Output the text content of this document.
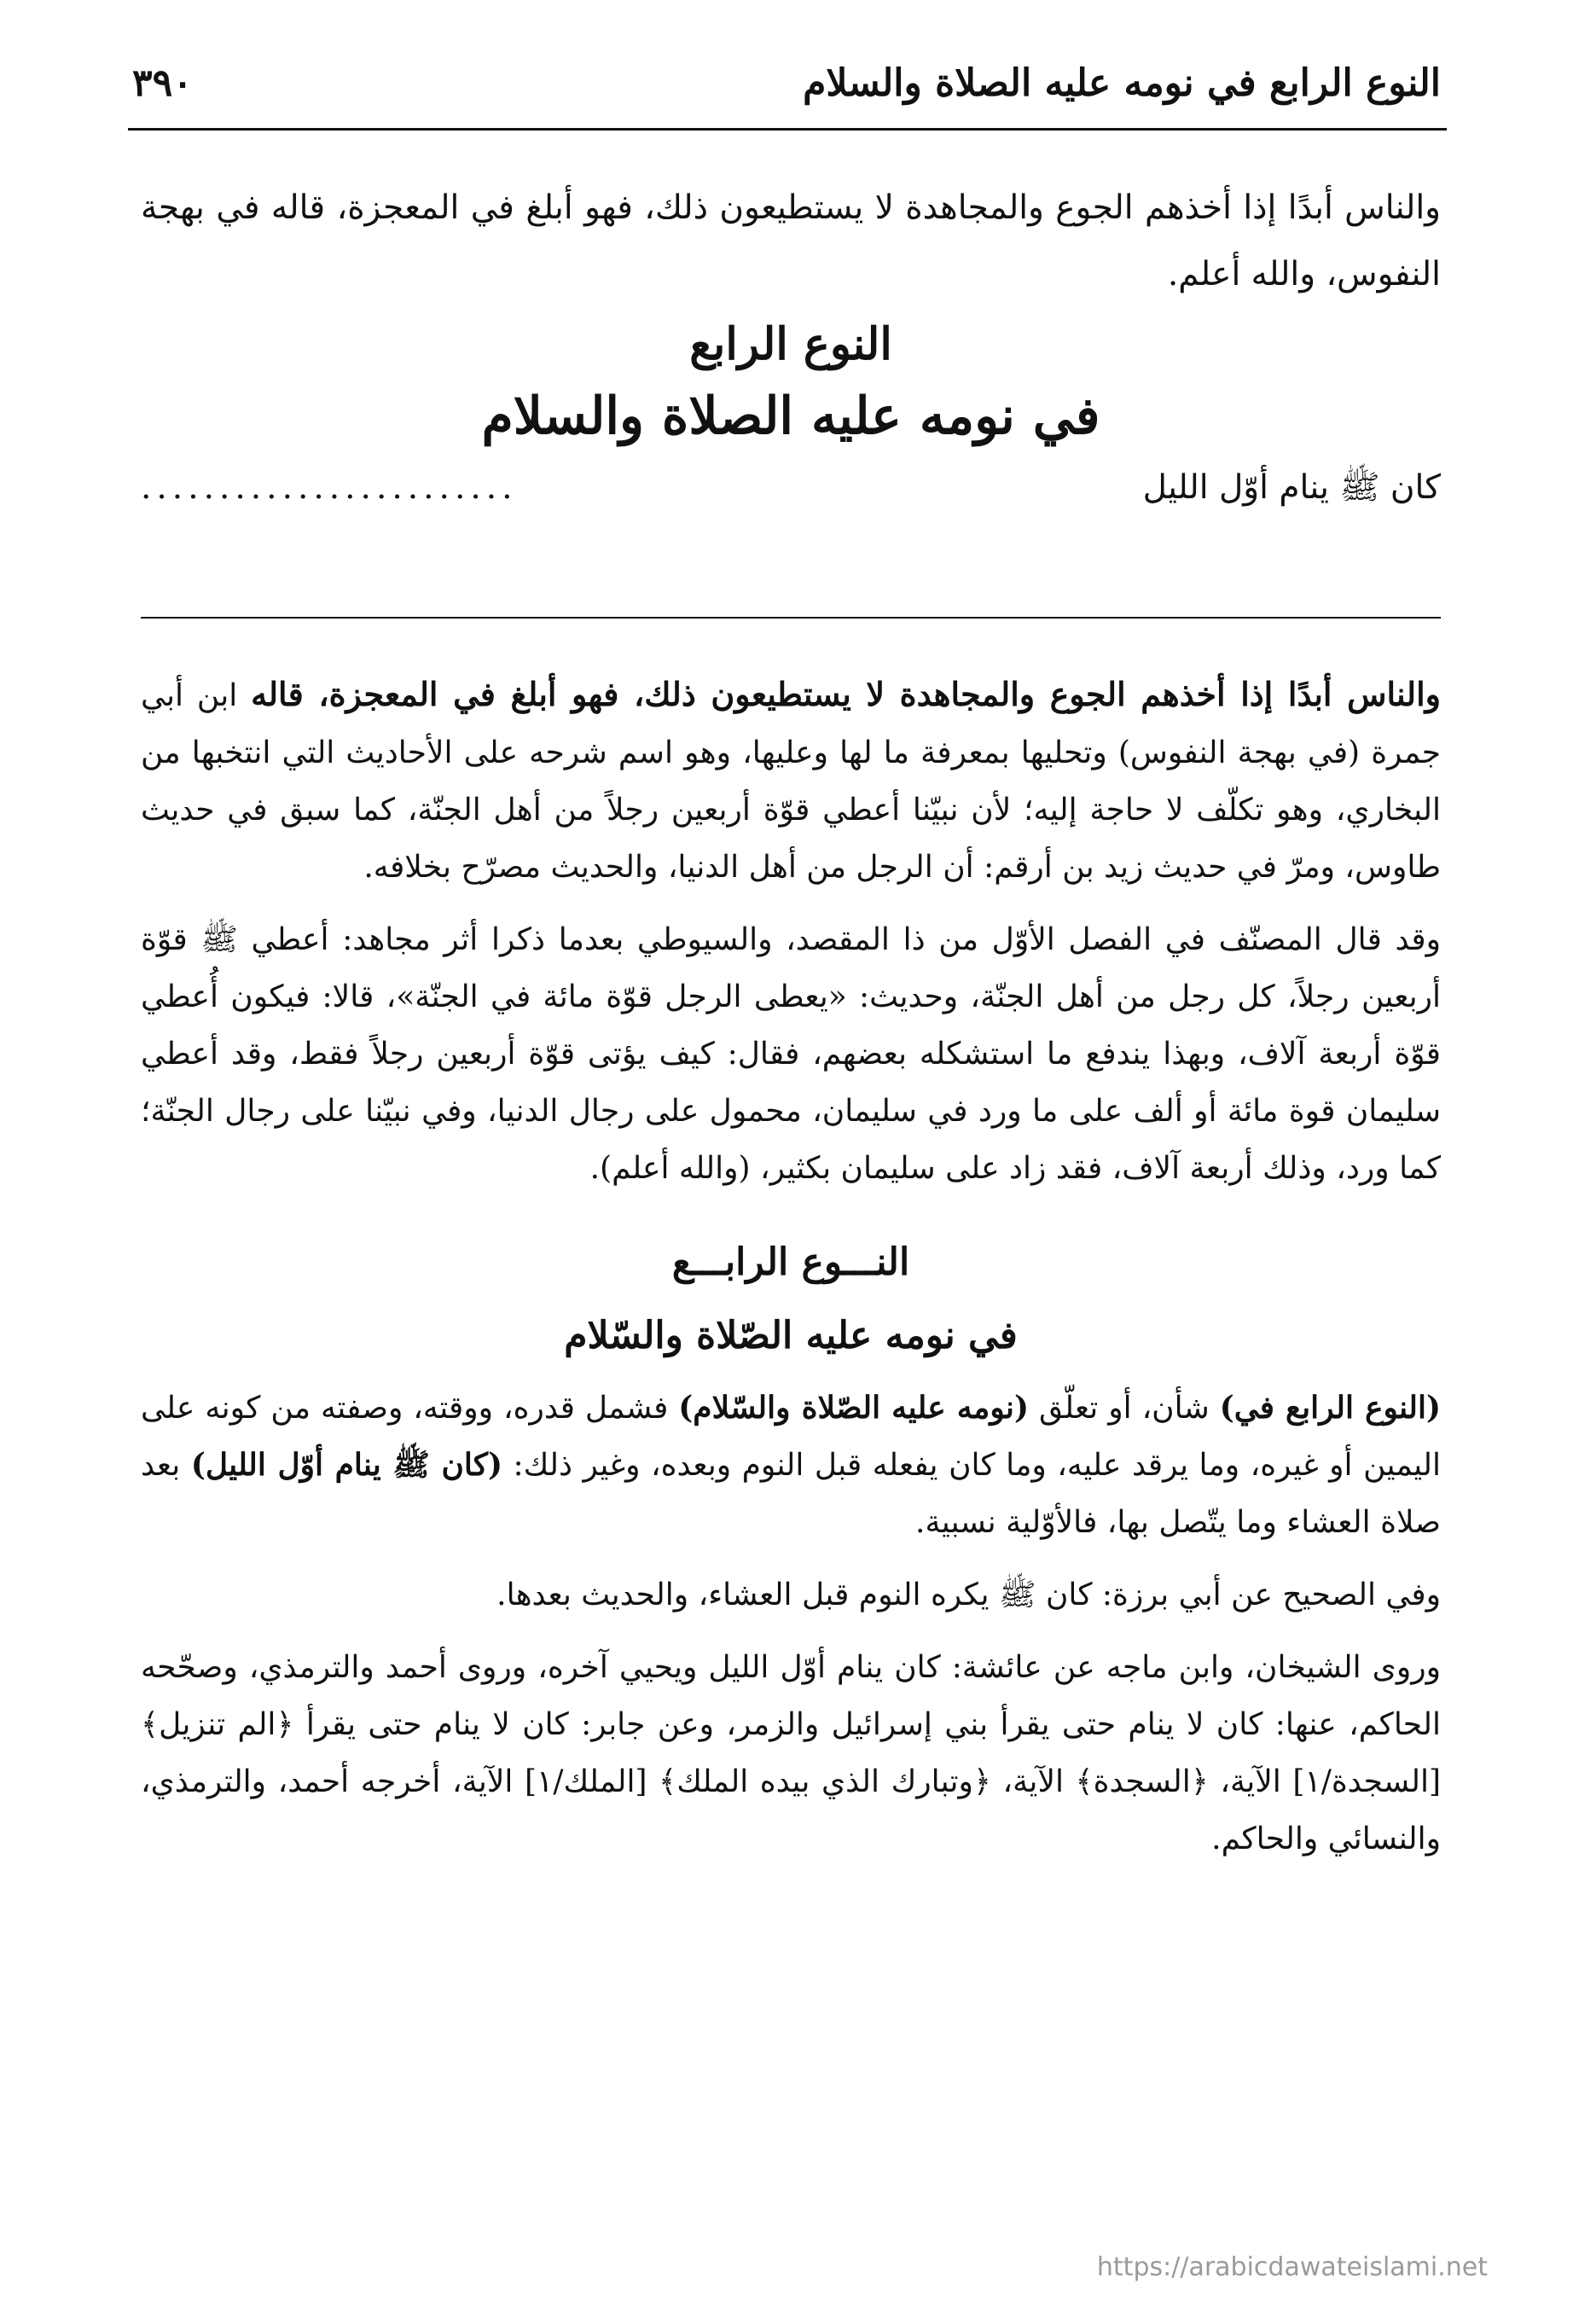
النوع الرابع في نومه عليه الصلاة والسلام
٣٩٠

والناس أبدًا إذا أخذهم الجوع والمجاهدة لا يستطيعون ذلك، فهو أبلغ في المعجزة، قاله في بهجة النفوس، والله أعلم.

النوع الرابع
في نومه عليه الصلاة والسلام

كان ﷺ ينام أوّل الليل
........................

والناس أبدًا إذا أخذهم الجوع والمجاهدة لا يستطيعون ذلك، فهو أبلغ في المعجزة، قاله ابن أبي جمرة (في بهجة النفوس) وتحليها بمعرفة ما لها وعليها، وهو اسم شرحه على الأحاديث التي انتخبها من البخاري، وهو تكلّف لا حاجة إليه؛ لأن نبيّنا أعطي قوّة أربعين رجلاً من أهل الجنّة، كما سبق في حديث طاوس، ومرّ في حديث زيد بن أرقم: أن الرجل من أهل الدنيا، والحديث مصرّح بخلافه.

وقد قال المصنّف في الفصل الأوّل من ذا المقصد، والسيوطي بعدما ذكرا أثر مجاهد: أعطي ﷺ قوّة أربعين رجلاً، كل رجل من أهل الجنّة، وحديث: «يعطى الرجل قوّة مائة في الجنّة»، قالا: فيكون أُعطي قوّة أربعة آلاف، وبهذا يندفع ما استشكله بعضهم، فقال: كيف يؤتى قوّة أربعين رجلاً فقط، وقد أعطي سليمان قوة مائة أو ألف على ما ورد في سليمان، محمول على رجال الدنيا، وفي نبيّنا على رجال الجنّة؛ كما ورد، وذلك أربعة آلاف، فقد زاد على سليمان بكثير، (والله أعلم).

النـــوع الرابـــع
في نومه عليه الصّلاة والسّلام

(النوع الرابع في) شأن، أو تعلّق (نومه عليه الصّلاة والسّلام) فشمل قدره، ووقته، وصفته من كونه على اليمين أو غيره، وما يرقد عليه، وما كان يفعله قبل النوم وبعده، وغير ذلك: (كان ﷺ ينام أوّل الليل) بعد صلاة العشاء وما يتّصل بها، فالأوّلية نسبية.

وفي الصحيح عن أبي برزة: كان ﷺ يكره النوم قبل العشاء، والحديث بعدها.

وروى الشيخان، وابن ماجه عن عائشة: كان ينام أوّل الليل ويحيي آخره، وروى أحمد والترمذي، وصحّحه الحاكم، عنها: كان لا ينام حتى يقرأ بني إسرائيل والزمر، وعن جابر: كان لا ينام حتى يقرأ ﴿الم تنزيل﴾ [السجدة/١] الآية، ﴿السجدة﴾ الآية، ﴿وتبارك الذي بيده الملك﴾ [الملك/١] الآية، أخرجه أحمد، والترمذي، والنسائي والحاكم.

https://arabicdawateislami.net
